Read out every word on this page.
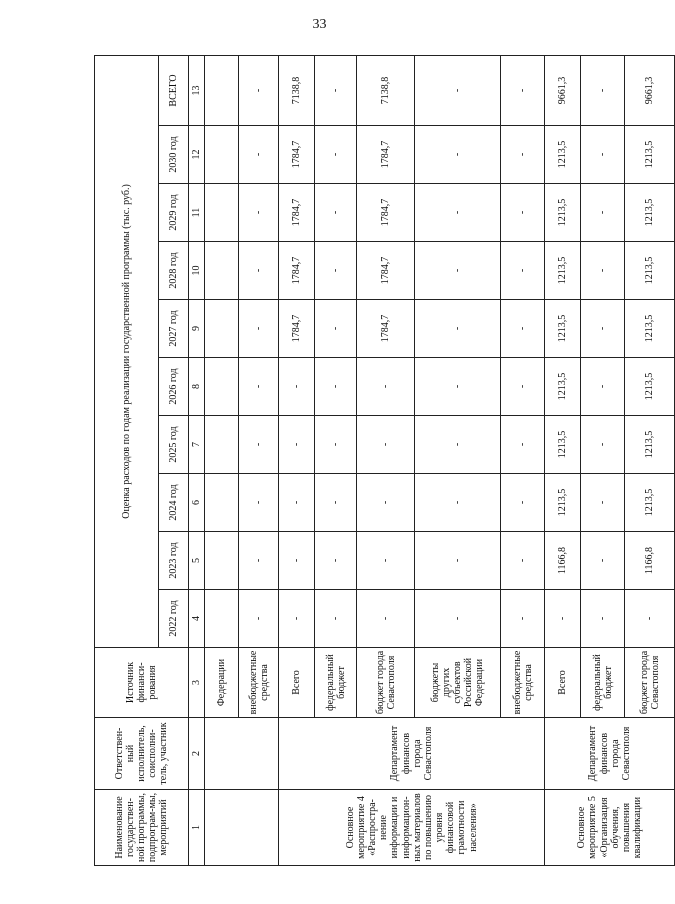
33
Наименование государствен-ной программы, подпрограм-мы, мероприятий	Ответствен-ный исполнитель, соисполни-тель, участник	Источник финанси-рования	Оценка расходов по годам реализации государственной программы (тыс. руб.)									
			2022 год	2023 год	2024 год	2025 год	2026 год	2027 год	2028 год	2029 год	2030 год	ВСЕГО
1	2	3	4	5	6	7	8	9	10	11	12	13
		Федерации										
		внебюджетные средства	-	-	-	-	-	-	-	-	-	-
Основное мероприятие 4 «Распростра-нение информации и информацион-ных материалов по повышению уровня финансовой грамотности населения»	Департамент финансов города Севастополя	Всего	-	-	-	-	-	1784,7	1784,7	1784,7	1784,7	7138,8
		федеральный бюджет	-	-	-	-	-	-	-	-	-	-
		бюджет города Севастополя	-	-	-	-	-	1784,7	1784,7	1784,7	1784,7	7138,8
		бюджеты других субъектов Российской Федерации	-	-	-	-	-	-	-	-	-	-
		внебюджетные средства	-	-	-	-	-	-	-	-	-	-
Основное мероприятие 5 «Организация обучения, повышения квалификации	Департамент финансов города Севастополя	Всего	-	1166,8	1213,5	1213,5	1213,5	1213,5	1213,5	1213,5	1213,5	9661,3
		федеральный бюджет	-	-	-	-	-	-	-	-	-	-
		бюджет города Севастополя	-	1166,8	1213,5	1213,5	1213,5	1213,5	1213,5	1213,5	1213,5	9661,3
